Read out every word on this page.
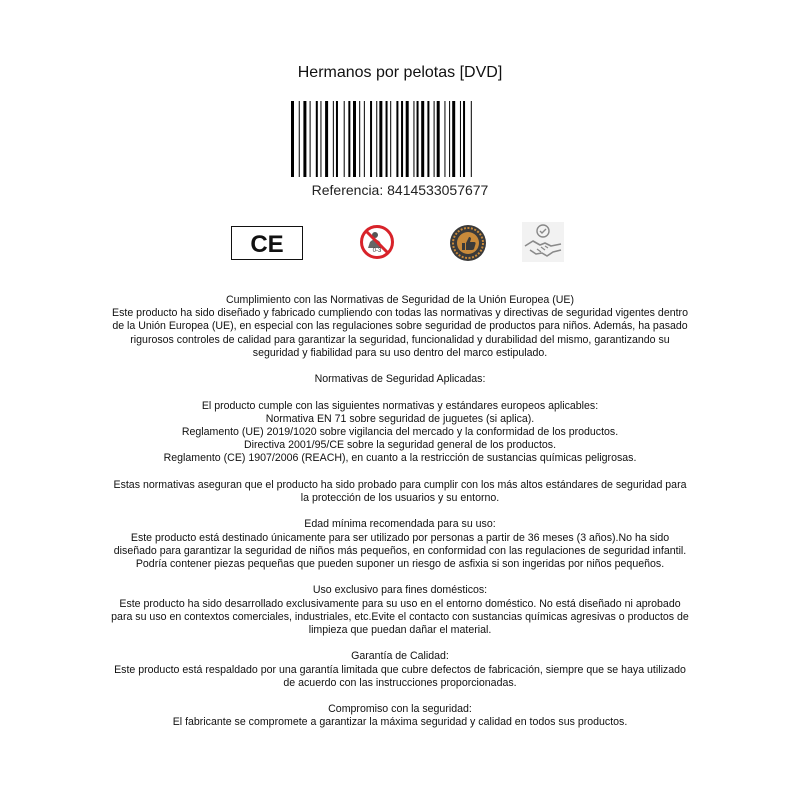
Hermanos por pelotas [DVD]
Referencia: 8414533057677
CE	0-3

Cumplimiento con las Normativas de Seguridad de la Unión Europea (UE)

Este producto ha sido diseñado y fabricado cumpliendo con todas las normativas y directivas de seguridad vigentes dentro de la Unión Europea (UE), en especial con las regulaciones sobre seguridad de productos para niños. Además, ha pasado rigurosos controles de calidad para garantizar la seguridad, funcionalidad y durabilidad del mismo, garantizando su seguridad y fiabilidad para su uso dentro del marco estipulado.

Normativas de Seguridad Aplicadas:

El producto cumple con las siguientes normativas y estándares europeos aplicables:

Normativa EN 71 sobre seguridad de juguetes (si aplica).

Reglamento (UE) 2019/1020 sobre vigilancia del mercado y la conformidad de los productos.

Directiva 2001/95/CE sobre la seguridad general de los productos.

Reglamento (CE) 1907/2006 (REACH), en cuanto a la restricción de sustancias químicas peligrosas.

Estas normativas aseguran que el producto ha sido probado para cumplir con los más altos estándares de seguridad para la protección de los usuarios y su entorno.

Edad mínima recomendada para su uso:

Este producto está destinado únicamente para ser utilizado por personas a partir de 36 meses (3 años).No ha sido diseñado para garantizar la seguridad de niños más pequeños, en conformidad con las regulaciones de seguridad infantil. Podría contener piezas pequeñas que pueden suponer un riesgo de asfixia si son ingeridas por niños pequeños.

Uso exclusivo para fines domésticos:

Este producto ha sido desarrollado exclusivamente para su uso en el entorno doméstico. No está diseñado ni aprobado para su uso en contextos comerciales, industriales, etc.Evite el contacto con sustancias químicas agresivas o productos de limpieza que puedan dañar el material.

Garantía de Calidad:

Este producto está respaldado por una garantía limitada que cubre defectos de fabricación, siempre que se haya utilizado de acuerdo con las instrucciones proporcionadas.

Compromiso con la seguridad:

El fabricante se compromete a garantizar la máxima seguridad y calidad en todos sus productos.
